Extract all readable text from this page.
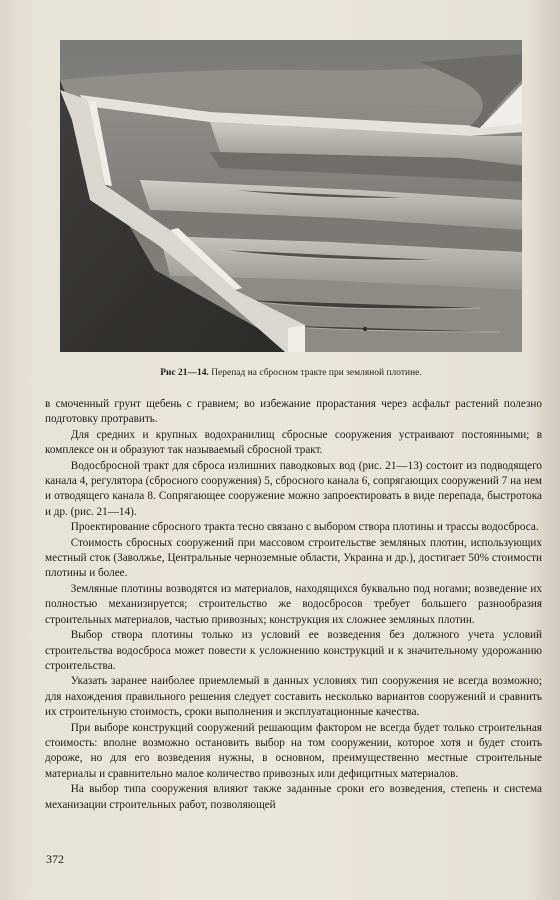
Рис 21—14. Перепад на сбросном тракте при земляной плотине.

в смоченный грунт щебень с гравием; во избежание прорастания через асфальт растений полезно подготовку протравить.

Для средних и крупных водохранилищ сбросные сооружения устраивают постоянными; в комплексе он и образуют так называемый сбросной тракт.

Водосбросной тракт для сброса излишних паводковых вод (рис. 21—13) состоит из подводящего канала 4, регулятора (сбросного сооружения) 5, сбросного канала 6, сопрягающих сооружений 7 на нем и отводящего канала 8. Сопрягающее сооружение можно запроектировать в виде перепада, быстротока и др. (рис. 21—14).

Проектирование сбросного тракта тесно связано с выбором створа плотины и трассы водосброса.

Стоимость сбросных сооружений при массовом строительстве земляных плотин, использующих местный сток (Заволжье, Центральные черноземные области, Украина и др.), достигает 50% стоимости плотины и более.

Земляные плотины возводятся из материалов, находящихся буквально под ногами; возведение их полностью механизируется; строительство же водосбросов требует большего разнообразия строительных материалов, частью привозных; конструкция их сложнее земляных плотин.

Выбор створа плотины только из условий ее возведения без должного учета условий строительства водосброса может повести к усложнению конструкций и к значительному удорожанию строительства.

Указать заранее наиболее приемлемый в данных условиях тип сооружения не всегда возможно; для нахождения правильного решения следует составить несколько вариантов сооружений и сравнить их строительную стоимость, сроки выполнения и эксплуатационные качества.

При выборе конструкций сооружений решающим фактором не всегда будет только строительная стоимость: вполне возможно остановить выбор на том сооружении, которое хотя и будет стоить дороже, но для его возведения нужны, в основном, преимущественно местные строительные материалы и сравнительно малое количество привозных или дефицитных материалов.

На выбор типа сооружения влияют также заданные сроки его возведения, степень и система механизации строительных работ, позволяющей

372
